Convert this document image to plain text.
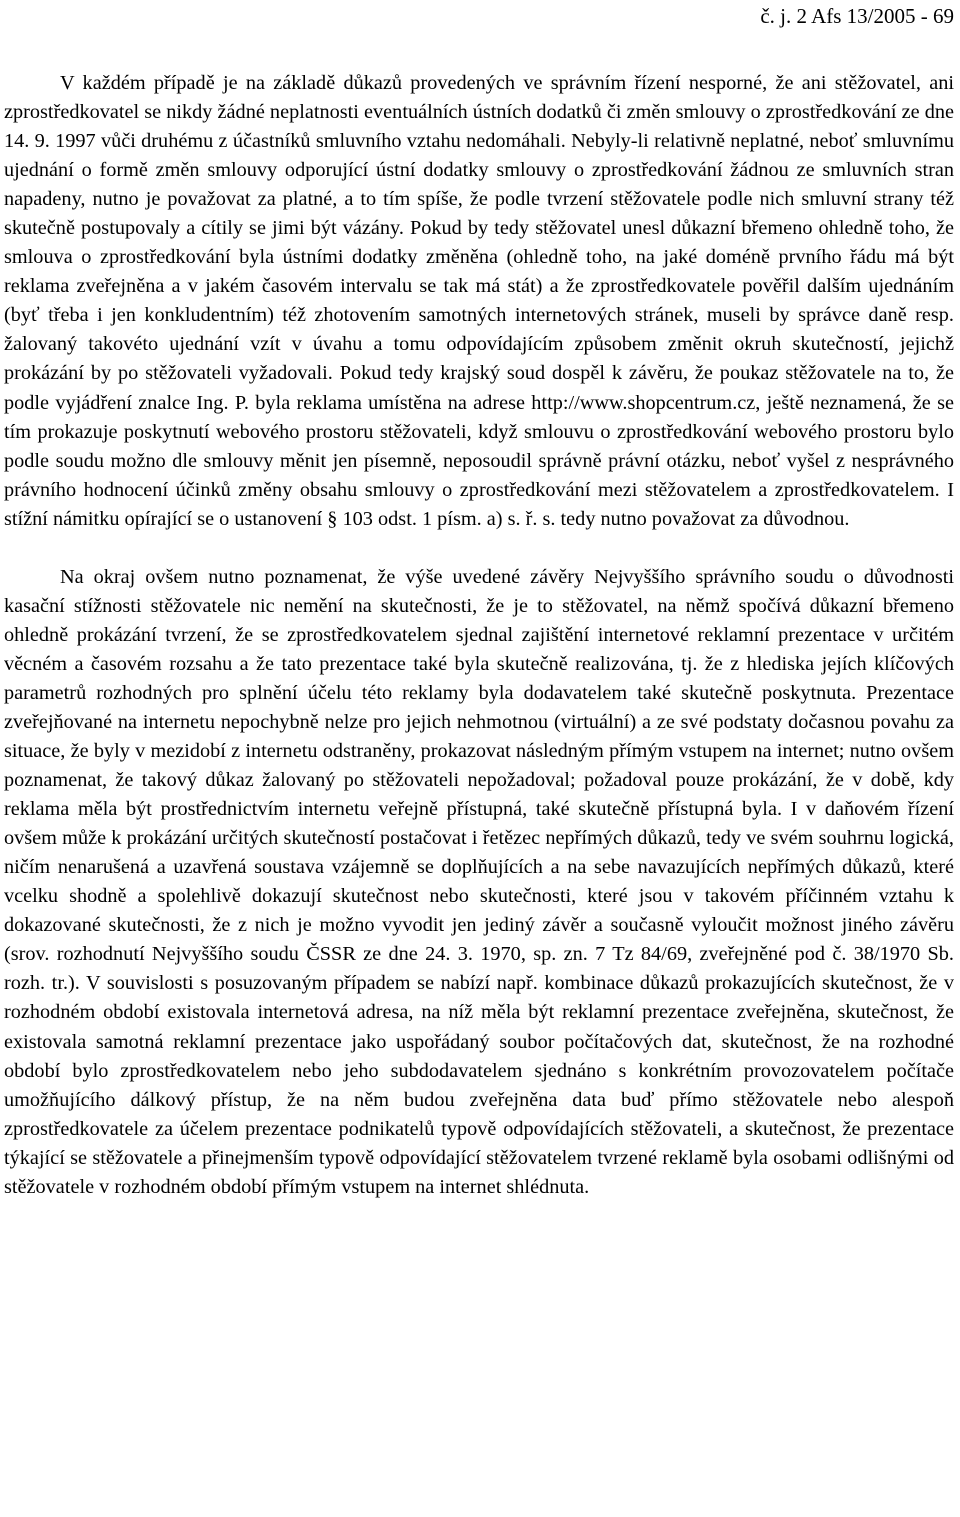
č. j. 2 Afs 13/2005 - 69

V každém případě je na základě důkazů provedených ve správním řízení nesporné, že ani stěžovatel, ani zprostředkovatel se nikdy žádné neplatnosti eventuálních ústních dodatků či změn smlouvy o zprostředkování ze dne 14. 9. 1997 vůči druhému z účastníků smluvního vztahu nedomáhali. Nebyly-li relativně neplatné, neboť smluvnímu ujednání o formě změn smlouvy odporující ústní dodatky smlouvy o zprostředkování žádnou ze smluvních stran napadeny, nutno je považovat za platné, a to tím spíše, že podle tvrzení stěžovatele podle nich smluvní strany též skutečně postupovaly a cítily se jimi být vázány. Pokud by tedy stěžovatel unesl důkazní břemeno ohledně toho, že smlouva o zprostředkování byla ústními dodatky změněna (ohledně toho, na jaké doméně prvního řádu má být reklama zveřejněna a v jakém časovém intervalu se tak má stát) a že zprostředkovatele pověřil dalším ujednáním (byť třeba i jen konkludentním) též zhotovením samotných internetových stránek, museli by správce daně resp. žalovaný takovéto ujednání vzít v úvahu a tomu odpovídajícím způsobem změnit okruh skutečností, jejichž prokázání by po stěžovateli vyžadovali. Pokud tedy krajský soud dospěl k závěru, že poukaz stěžovatele na to, že podle vyjádření znalce Ing. P. byla reklama umístěna na adrese http://www.shopcentrum.cz, ještě neznamená, že se tím prokazuje poskytnutí webového prostoru stěžovateli, když smlouvu o zprostředkování webového prostoru bylo podle soudu možno dle smlouvy měnit jen písemně, neposoudil správně právní otázku, neboť vyšel z nesprávného právního hodnocení účinků změny obsahu smlouvy o zprostředkování mezi stěžovatelem a zprostředkovatelem. I stížní námitku opírající se o ustanovení § 103 odst. 1 písm. a) s. ř. s. tedy nutno považovat za důvodnou.

Na okraj ovšem nutno poznamenat, že výše uvedené závěry Nejvyššího správního soudu o důvodnosti kasační stížnosti stěžovatele nic nemění na skutečnosti, že je to stěžovatel, na němž spočívá důkazní břemeno ohledně prokázání tvrzení, že se zprostředkovatelem sjednal zajištění internetové reklamní prezentace v určitém věcném a časovém rozsahu a že tato prezentace také byla skutečně realizována, tj. že z hlediska jejích klíčových parametrů rozhodných pro splnění účelu této reklamy byla dodavatelem také skutečně poskytnuta. Prezentace zveřejňované na internetu nepochybně nelze pro jejich nehmotnou (virtuální) a ze své podstaty dočasnou povahu za situace, že byly v mezidobí z internetu odstraněny, prokazovat následným přímým vstupem na internet; nutno ovšem poznamenat, že takový důkaz žalovaný po stěžovateli nepožadoval; požadoval pouze prokázání, že v době, kdy reklama měla být prostřednictvím internetu veřejně přístupná, také skutečně přístupná byla. I v daňovém řízení ovšem může k prokázání určitých skutečností postačovat i řetězec nepřímých důkazů, tedy ve svém souhrnu logická, ničím nenarušená a uzavřená soustava vzájemně se doplňujících a na sebe navazujících nepřímých důkazů, které vcelku shodně a spolehlivě dokazují skutečnost nebo skutečnosti, které jsou v takovém příčinném vztahu k dokazované skutečnosti, že z nich je možno vyvodit jen jediný závěr a současně vyloučit možnost jiného závěru (srov. rozhodnutí Nejvyššího soudu ČSSR ze dne 24. 3. 1970, sp. zn. 7 Tz 84/69, zveřejněné pod č. 38/1970 Sb. rozh. tr.). V souvislosti s posuzovaným případem se nabízí např. kombinace důkazů prokazujících skutečnost, že v rozhodném období existovala internetová adresa, na níž měla být reklamní prezentace zveřejněna, skutečnost, že existovala samotná reklamní prezentace jako uspořádaný soubor počítačových dat, skutečnost, že na rozhodné období bylo zprostředkovatelem nebo jeho subdodavatelem sjednáno s konkrétním provozovatelem počítače umožňujícího dálkový přístup, že na něm budou zveřejněna data buď přímo stěžovatele nebo alespoň zprostředkovatele za účelem prezentace podnikatelů typově odpovídajících stěžovateli, a skutečnost, že prezentace týkající se stěžovatele a přinejmenším typově odpovídající stěžovatelem tvrzené reklamě byla osobami odlišnými od stěžovatele v rozhodném období přímým vstupem na internet shlédnuta.
